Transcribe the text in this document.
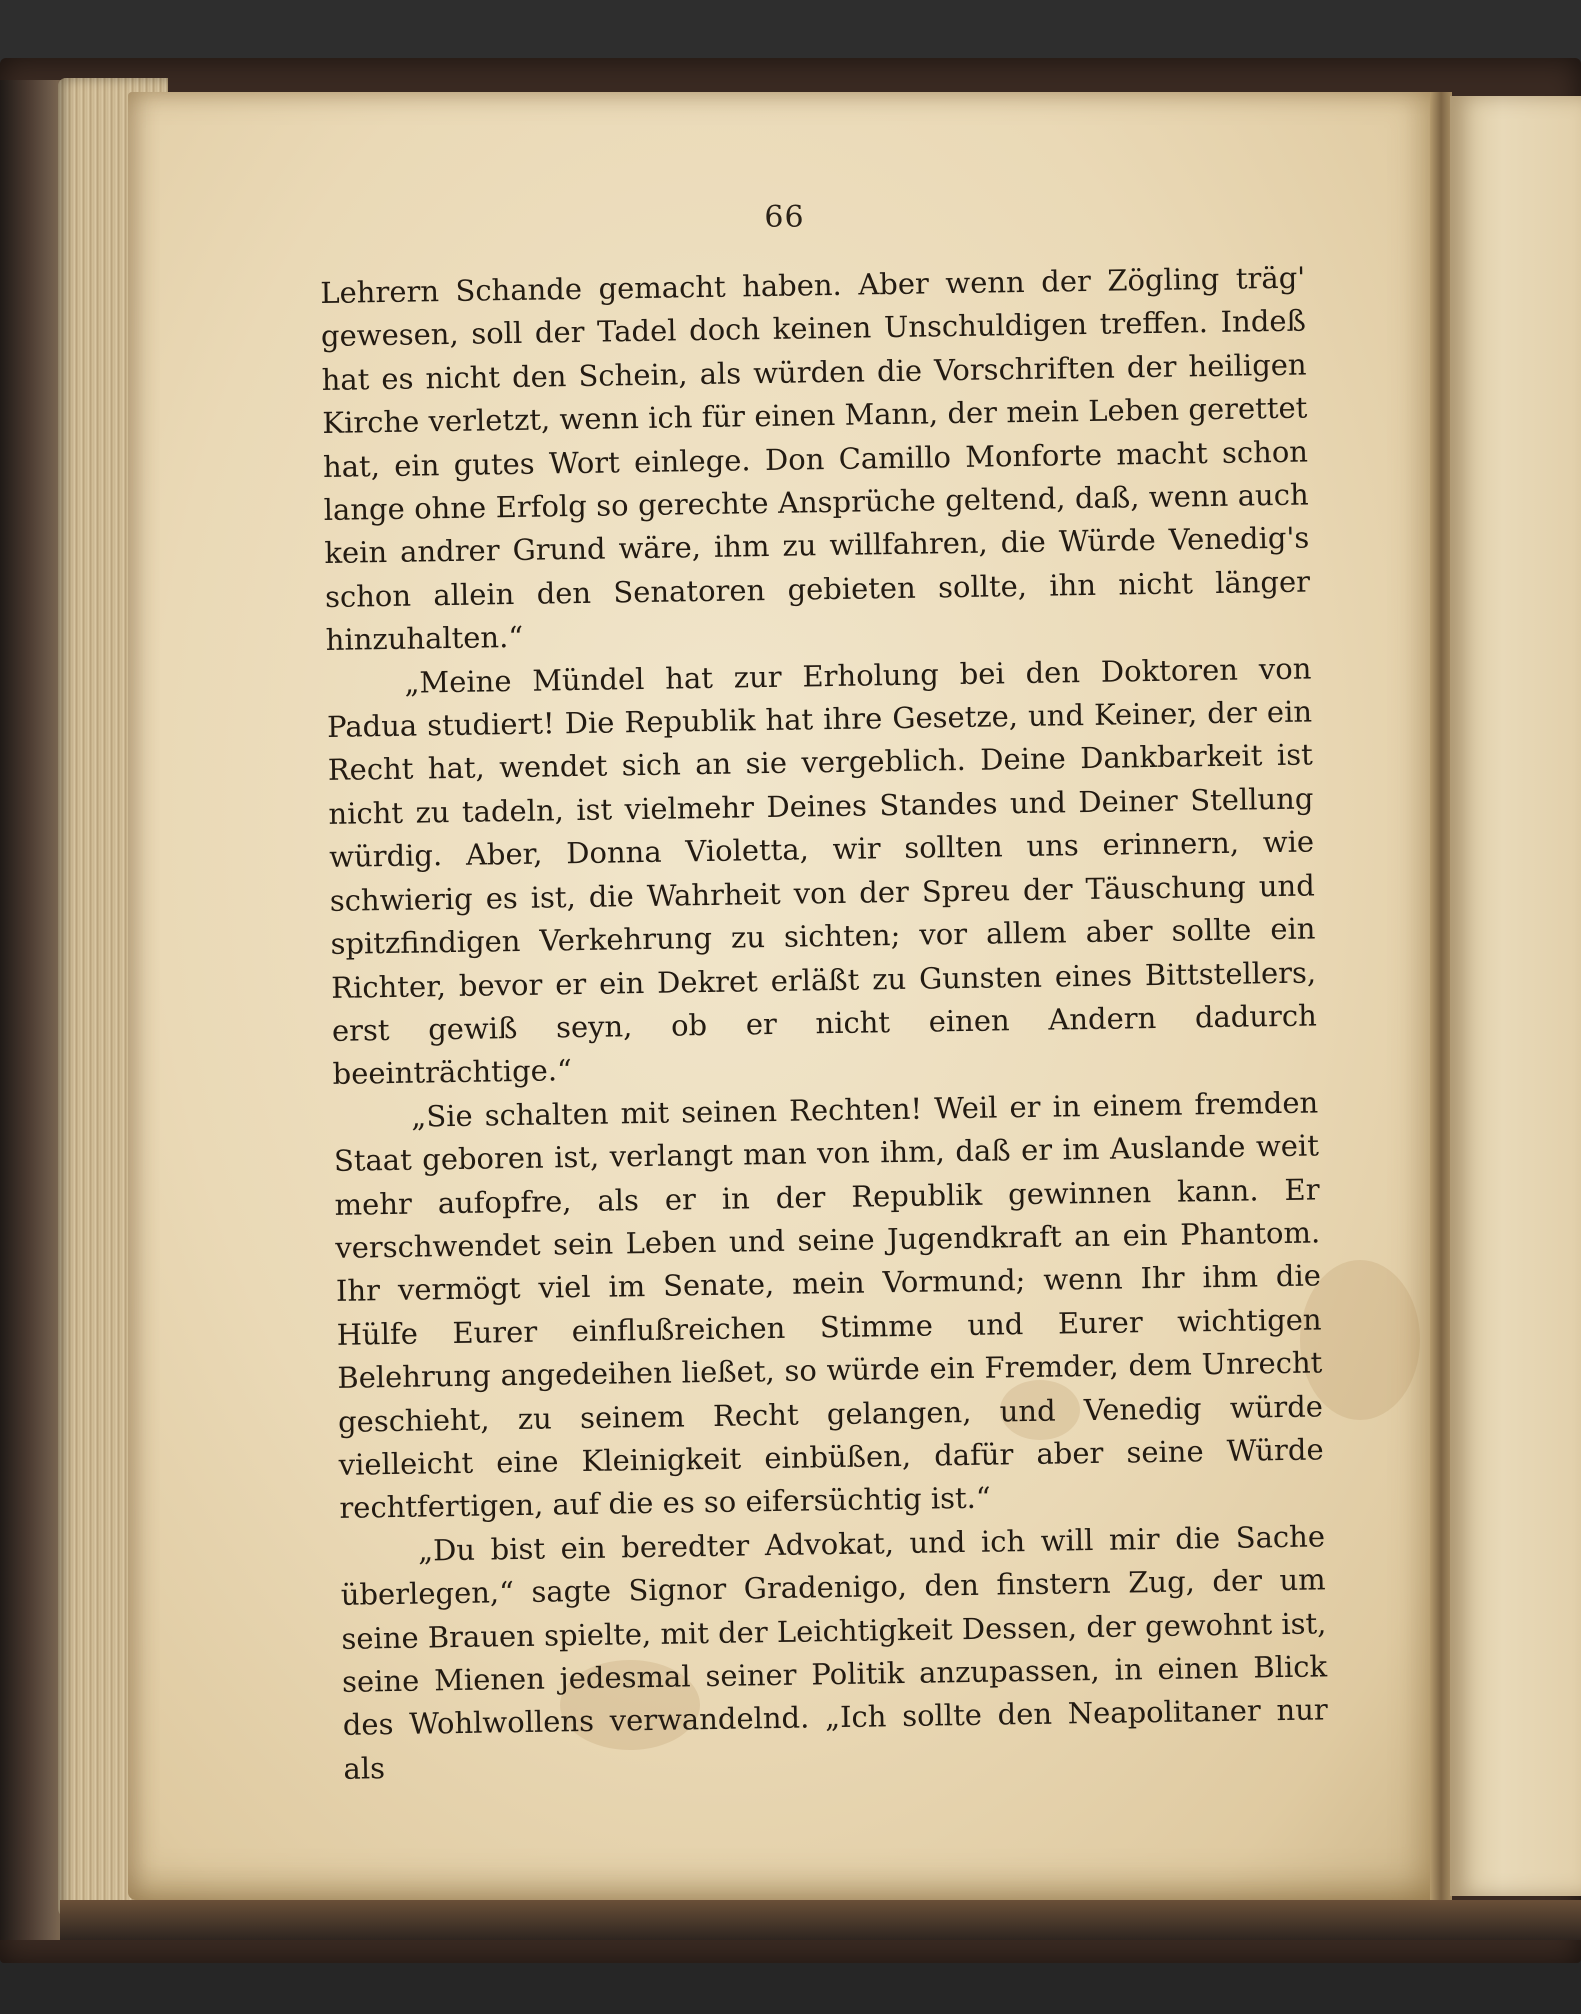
66

Lehrern Schande gemacht haben. Aber wenn der Zögling träg' gewesen, soll der Tadel doch keinen Unschuldigen treffen. Indeß hat es nicht den Schein, als würden die Vorschriften der heiligen Kirche verletzt, wenn ich für einen Mann, der mein Leben gerettet hat, ein gutes Wort einlege. Don Camillo Monforte macht schon lange ohne Erfolg so gerechte Ansprüche geltend, daß, wenn auch kein andrer Grund wäre, ihm zu willfahren, die Würde Venedig's schon allein den Senatoren gebieten sollte, ihn nicht länger hinzuhalten.“

„Meine Mündel hat zur Erholung bei den Doktoren von Padua studiert! Die Republik hat ihre Gesetze, und Keiner, der ein Recht hat, wendet sich an sie vergeblich. Deine Dankbarkeit ist nicht zu tadeln, ist vielmehr Deines Standes und Deiner Stellung würdig. Aber, Donna Violetta, wir sollten uns erinnern, wie schwierig es ist, die Wahrheit von der Spreu der Täuschung und spitzfindigen Verkehrung zu sichten; vor allem aber sollte ein Richter, bevor er ein Dekret erläßt zu Gunsten eines Bittstellers, erst gewiß seyn, ob er nicht einen Andern dadurch beeinträchtige.“

„Sie schalten mit seinen Rechten! Weil er in einem fremden Staat geboren ist, verlangt man von ihm, daß er im Auslande weit mehr aufopfre, als er in der Republik gewinnen kann. Er verschwendet sein Leben und seine Jugendkraft an ein Phantom. Ihr vermögt viel im Senate, mein Vormund; wenn Ihr ihm die Hülfe Eurer einflußreichen Stimme und Eurer wichtigen Belehrung angedeihen ließet, so würde ein Fremder, dem Unrecht geschieht, zu seinem Recht gelangen, und Venedig würde vielleicht eine Kleinigkeit einbüßen, dafür aber seine Würde rechtfertigen, auf die es so eifersüchtig ist.“

„Du bist ein beredter Advokat, und ich will mir die Sache überlegen,“ sagte Signor Gradenigo, den finstern Zug, der um seine Brauen spielte, mit der Leichtigkeit Dessen, der gewohnt ist, seine Mienen jedesmal seiner Politik anzupassen, in einen Blick des Wohlwollens verwandelnd. „Ich sollte den Neapolitaner nur als
